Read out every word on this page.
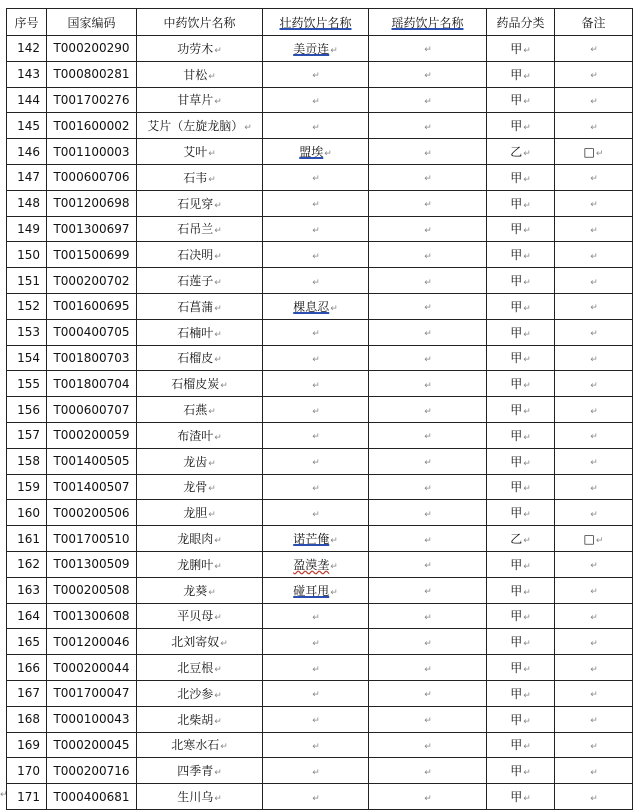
序号	国家编码	中药饮片名称	壮药饮片名称	瑶药饮片名称	药品分类	备注
142	T000200290	功劳木↵	美贡连↵	↵	甲↵	↵
143	T000800281	甘松↵	↵	↵	甲↵	↵
144	T001700276	甘草片↵	↵	↵	甲↵	↵
145	T001600002	艾片（左旋龙脑）↵	↵	↵	甲↵	↵
146	T001100003	艾叶↵	盟埃↵	↵	乙↵	□↵
147	T000600706	石韦↵	↵	↵	甲↵	↵
148	T001200698	石见穿↵	↵	↵	甲↵	↵
149	T001300697	石吊兰↵	↵	↵	甲↵	↵
150	T001500699	石决明↵	↵	↵	甲↵	↵
151	T000200702	石莲子↵	↵	↵	甲↵	↵
152	T001600695	石菖蒲↵	棵息忍↵	↵	甲↵	↵
153	T000400705	石楠叶↵	↵	↵	甲↵	↵
154	T001800703	石榴皮↵	↵	↵	甲↵	↵
155	T001800704	石榴皮炭↵	↵	↵	甲↵	↵
156	T000600707	石燕↵	↵	↵	甲↵	↵
157	T000200059	布渣叶↵	↵	↵	甲↵	↵
158	T001400505	龙齿↵	↵	↵	甲↵	↵
159	T001400507	龙骨↵	↵	↵	甲↵	↵
160	T000200506	龙胆↵	↵	↵	甲↵	↵
161	T001700510	龙眼肉↵	诺芒俺↵	↵	乙↵	□↵
162	T001300509	龙脷叶↵	盈漠垄↵	↵	甲↵	↵
163	T000200508	龙葵↵	碰耳甩↵	↵	甲↵	↵
164	T001300608	平贝母↵	↵	↵	甲↵	↵
165	T001200046	北刘寄奴↵	↵	↵	甲↵	↵
166	T000200044	北豆根↵	↵	↵	甲↵	↵
167	T001700047	北沙参↵	↵	↵	甲↵	↵
168	T000100043	北柴胡↵	↵	↵	甲↵	↵
169	T000200045	北寒水石↵	↵	↵	甲↵	↵
170	T000200716	四季青↵	↵	↵	甲↵	↵
171	T000400681	生川乌↵	↵	↵	甲↵	↵
↵
